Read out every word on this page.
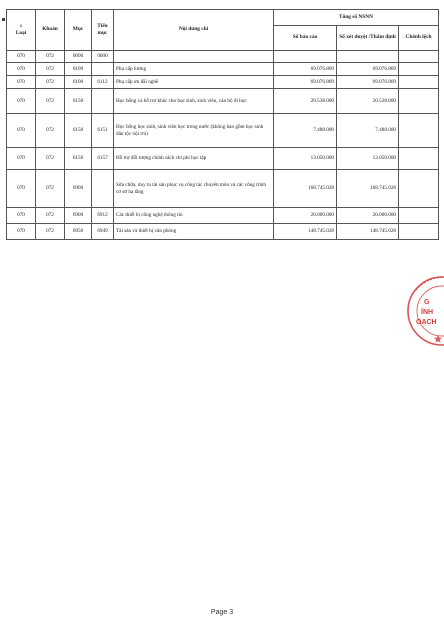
ı
Loại	Khoản	Mục	Tiểu mục	Nội dung chi	Tổng số NSNN		
					Số báo cáo	Số xét duyệt /Thẩm định	Chênh lệch
070	072	0000	0000				
070	072	6100		Phụ cấp lương	69.076.869	69.076.869	
070	072	6100	6112	Phụ cấp ưu đãi nghề	69.076.869	69.076.869	
070	072	6150		Học bổng và hỗ trợ khác cho học sinh, sinh viên, cán bộ đi học	20.538.000	20.538.000	
070	072	6150	6151	Học bổng học sinh, sinh viên học trong nước (không bao gồm học sinh dân tộc nội trú)	7.488.000	7.488.000	
070	072	6150	6157	Hỗ trợ đối tượng chính sách chi phí học tập	13.050.000	13.050.000	
070	072	6900		Sửa chữa, duy tu tài sản phục vụ công tác chuyên môn và các công trình cơ sở hạ tầng	168.745.028	168.745.028	
070	072	6900	6912	Các thiết bị công nghệ thông tin	20.000.000	20.000.000	
070	072	6950	6949	Tài sản và thiết bị văn phòng	148.745.028	148.745.028	
G
ÍNH
OẠCH
Page 3
